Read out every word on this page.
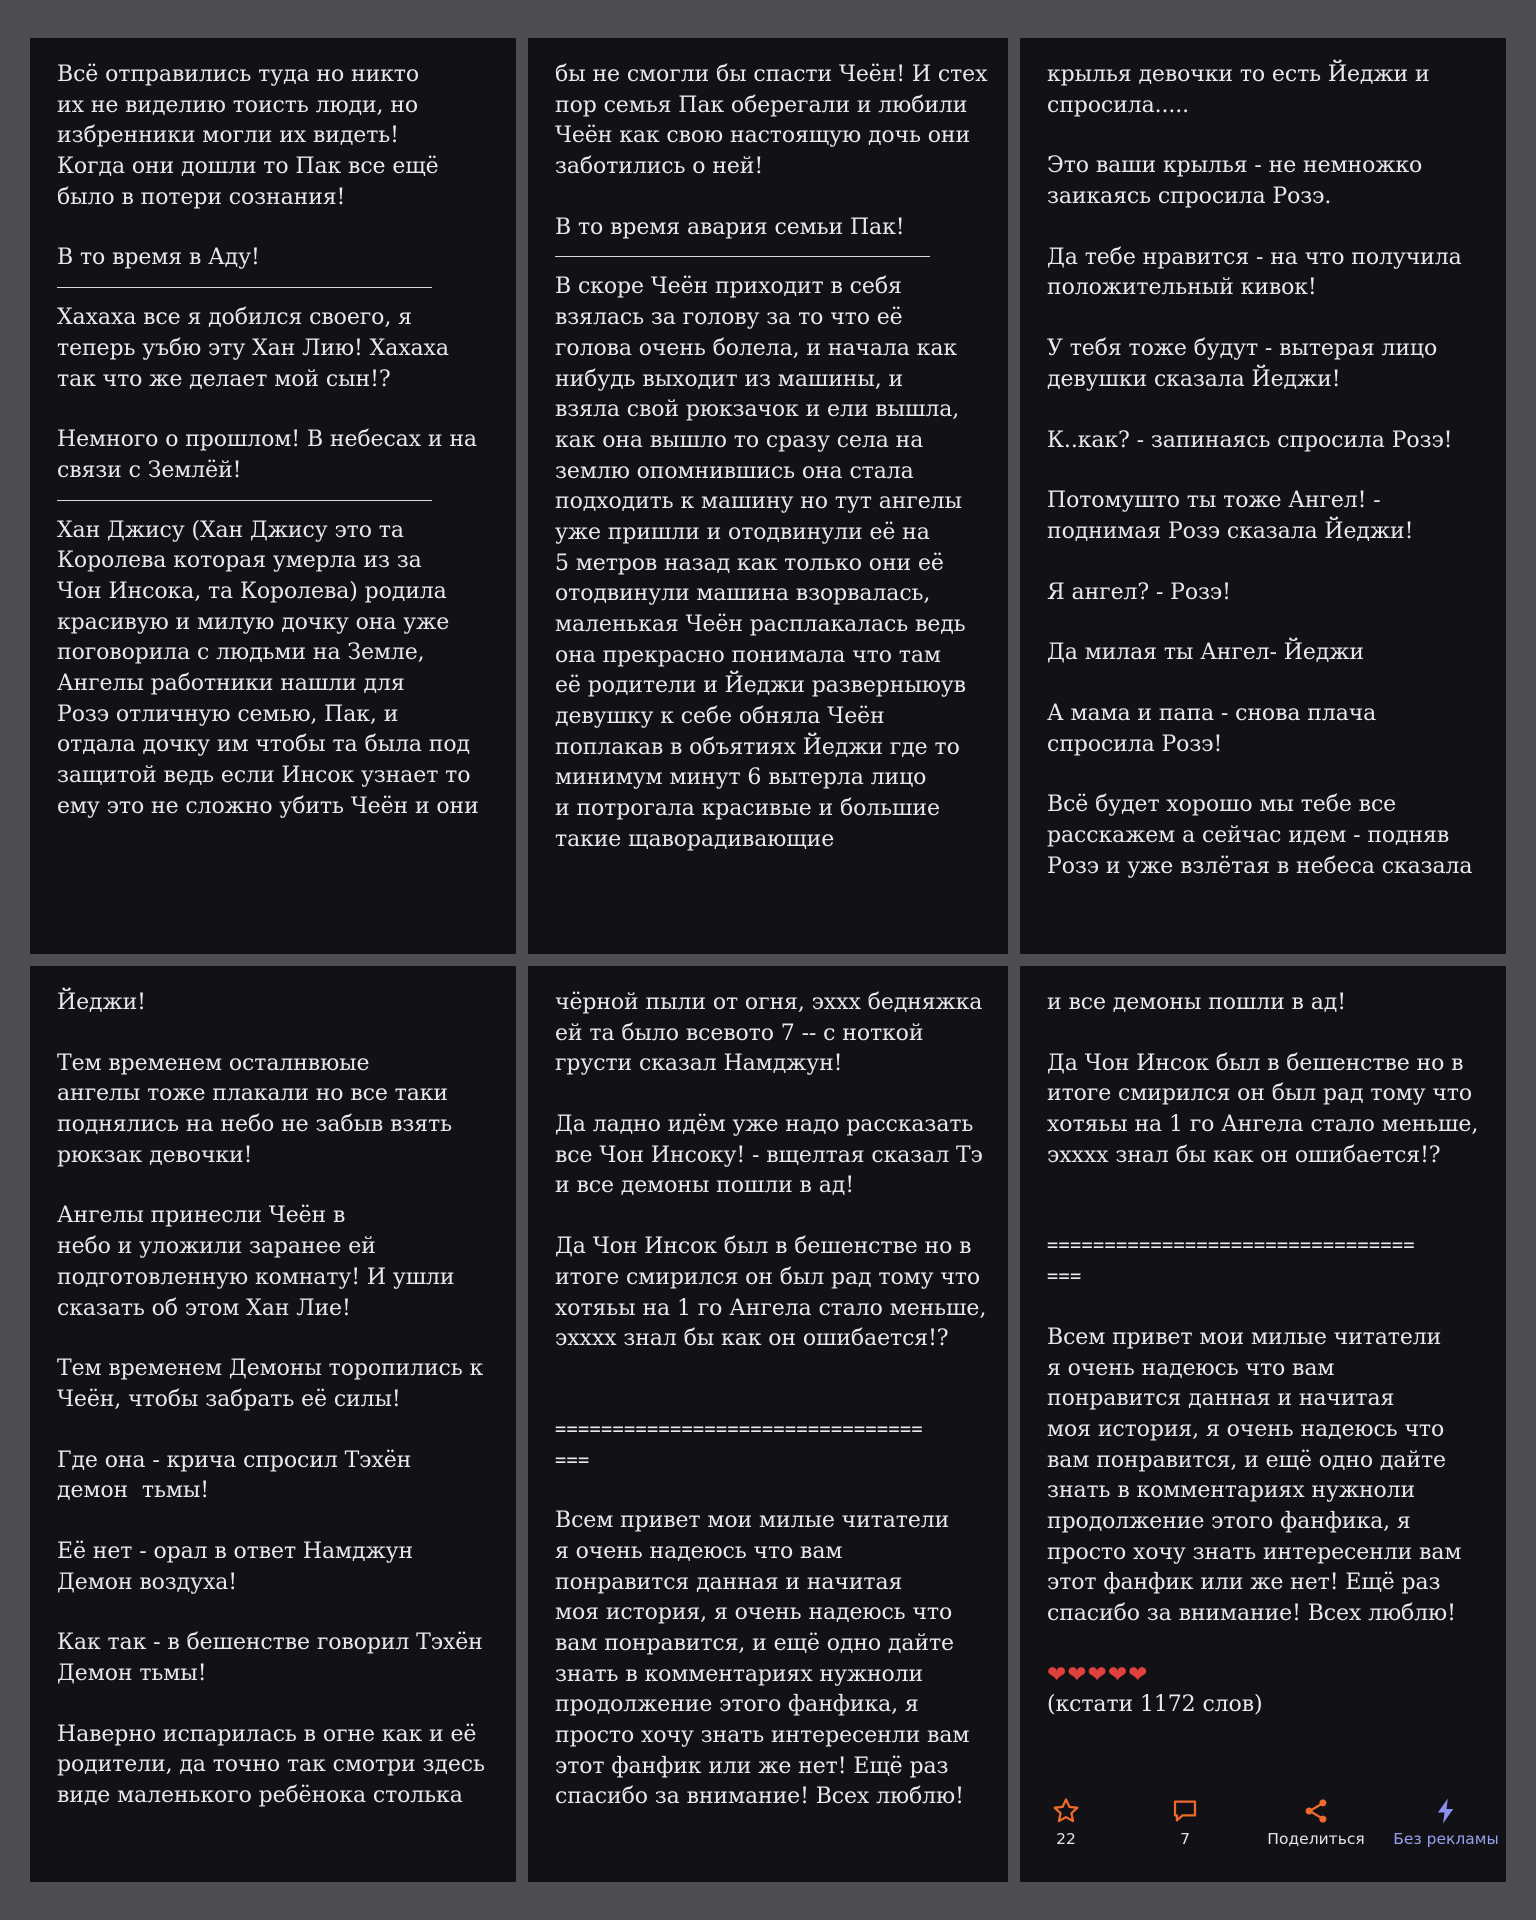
Всё отправились туда но никто
их не виделию тоисть люди, но
избренники могли их видеть!
Когда они дошли то Пак все ещё
было в потери сознания!
В то время в Аду!
Хахаха все я добился своего, я
теперь уъбю эту Хан Лию! Хахаха
так что же делает мой сын!?
Немного о прошлом! В небесах и на
связи с Землёй!
Хан Джису (Хан Джису это та
Королева которая умерла из за
Чон Инсока, та Королева) родила
красивую и милую дочку она уже
поговорила с людьми на Земле,
Ангелы работники нашли для
Розэ отличную семью, Пак, и
отдала дочку им чтобы та была под
защитой ведь если Инсок узнает то
ему это не сложно убить Чеён и они
бы не смогли бы спасти Чеён! И стех
пор семья Пак оберегали и любили
Чеён как свою настоящую дочь они
заботились о ней!
В то время авария семьи Пак!
В скоре Чеён приходит в себя
взялась за голову за то что её
голова очень болела, и начала как
нибудь выходит из машины, и
взяла свой рюкзачок и ели вышла,
как она вышло то сразу села на
землю опомнившись она стала
подходить к машину но тут ангелы
уже пришли и отодвинули её на
5 метров назад как только они её
отодвинули машина взорвалась,
маленькая Чеён расплакалась ведь
она прекрасно понимала что там
её родители и Йеджи разверныюув
девушку к себе обняла Чеён
поплакав в объятиях Йеджи где то
минимум минут 6 вытерла лицо
и потрогала красивые и большие
такие щаворадивающие
крылья девочки то есть Йеджи и
спросила.....
Это ваши крылья - не немножко
заикаясь спросила Розэ.
Да тебе нравится - на что получила
положительный кивок!
У тебя тоже будут - вытерая лицо
девушки сказала Йеджи!
К..как? - запинаясь спросила Розэ!
Потомушто ты тоже Ангел! -
поднимая Розэ сказала Йеджи!
Я ангел? - Розэ!
Да милая ты Ангел- Йеджи
А мама и папа - снова плача
спросила Розэ!
Всё будет хорошо мы тебе все
расскажем а сейчас идем - подняв
Розэ и уже взлётая в небеса сказала
Йеджи!
Тем временем осталнвюые
ангелы тоже плакали но все таки
поднялись на небо не забыв взять
рюкзак девочки!
Ангелы принесли Чеён в
небо и уложили заранее ей
подготовленную комнату! И ушли
сказать об этом Хан Лие!
Тем временем Демоны торопились к
Чеён, чтобы забрать её силы!
Где она - крича спросил Тэхён
демон  тьмы!
Её нет - орал в ответ Намджун
Демон воздуха!
Как так - в бешенстве говорил Тэхён
Демон тьмы!
Наверно испарилась в огне как и её
родители, да точно так смотри здесь
виде маленького ребёнока столька
чёрной пыли от огня, эххх бедняжка
ей та было всевото 7 -- с ноткой
грусти сказал Намджун!
Да ладно идём уже надо рассказать
все Чон Инсоку! - вщелтая сказал Тэ
и все демоны пошли в ад!
Да Чон Инсок был в бешенстве но в
итоге смирился он был рад тому что
хотяьы на 1 го Ангела стало меньше,
эхххх знал бы как он ошибается!?
================================
===
Всем привет мои милые читатели
я очень надеюсь что вам
понравится данная и начитая
моя история, я очень надеюсь что
вам понравится, и ещё одно дайте
знать в комментариях нужноли
продолжение этого фанфика, я
просто хочу знать интересенли вам
этот фанфик или же нет! Ещё раз
спасибо за внимание! Всех люблю!
и все демоны пошли в ад!
Да Чон Инсок был в бешенстве но в
итоге смирился он был рад тому что
хотяьы на 1 го Ангела стало меньше,
эхххх знал бы как он ошибается!?
================================
===
Всем привет мои милые читатели
я очень надеюсь что вам
понравится данная и начитая
моя история, я очень надеюсь что
вам понравится, и ещё одно дайте
знать в комментариях нужноли
продолжение этого фанфика, я
просто хочу знать интересенли вам
этот фанфик или же нет! Ещё раз
спасибо за внимание! Всех люблю!
❤❤❤❤❤
(кстати 1172 слов)
22	7	Поделиться	Без рекламы
